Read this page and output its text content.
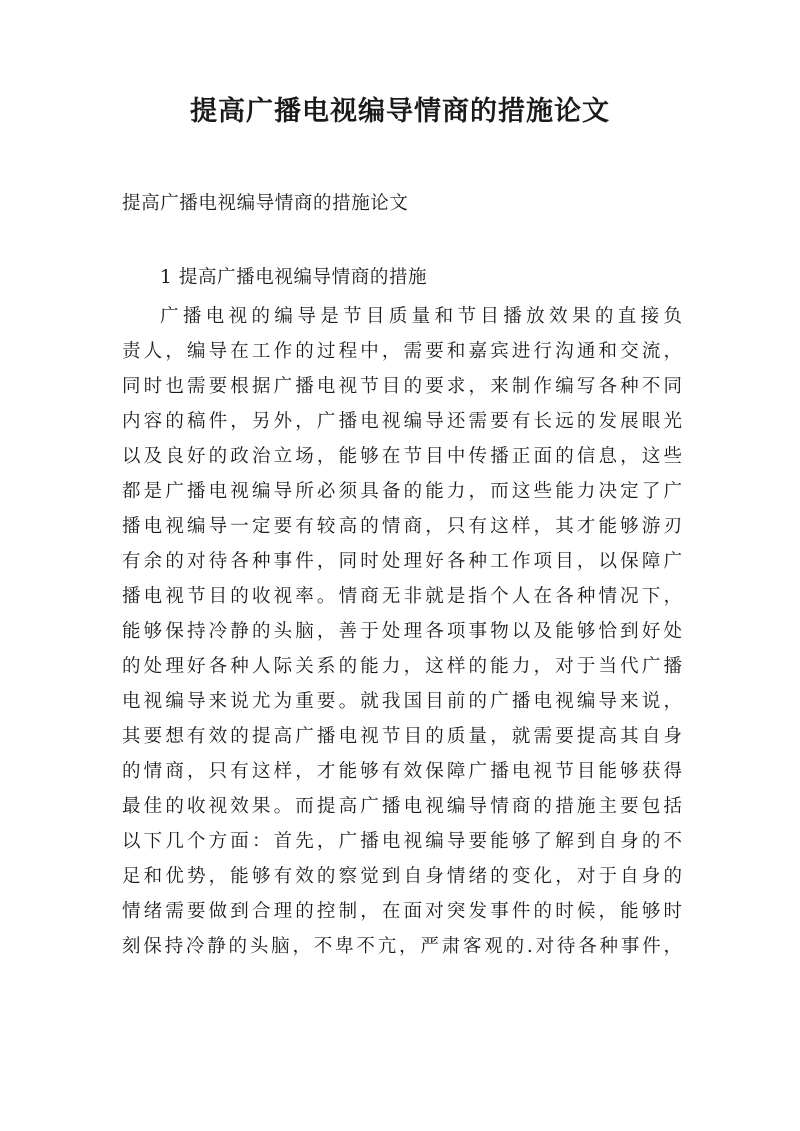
提高广播电视编导情商的措施论文

提高广播电视编导情商的措施论文

1 提高广播电视编导情商的措施

广播电视的编导是节目质量和节目播放效果的直接负
责人，编导在工作的过程中，需要和嘉宾进行沟通和交流，
同时也需要根据广播电视节目的要求，来制作编写各种不同
内容的稿件，另外，广播电视编导还需要有长远的发展眼光
以及良好的政治立场，能够在节目中传播正面的信息，这些
都是广播电视编导所必须具备的能力，而这些能力决定了广
播电视编导一定要有较高的情商，只有这样，其才能够游刃
有余的对待各种事件，同时处理好各种工作项目，以保障广
播电视节目的收视率。情商无非就是指个人在各种情况下，
能够保持冷静的头脑，善于处理各项事物以及能够恰到好处
的处理好各种人际关系的能力，这样的能力，对于当代广播
电视编导来说尤为重要。就我国目前的广播电视编导来说，
其要想有效的提高广播电视节目的质量，就需要提高其自身
的情商，只有这样，才能够有效保障广播电视节目能够获得
最佳的收视效果。而提高广播电视编导情商的措施主要包括
以下几个方面：首先，广播电视编导要能够了解到自身的不
足和优势，能够有效的察觉到自身情绪的变化，对于自身的
情绪需要做到合理的控制，在面对突发事件的时候，能够时
刻保持冷静的头脑，不卑不亢，严肃客观的.对待各种事件，
